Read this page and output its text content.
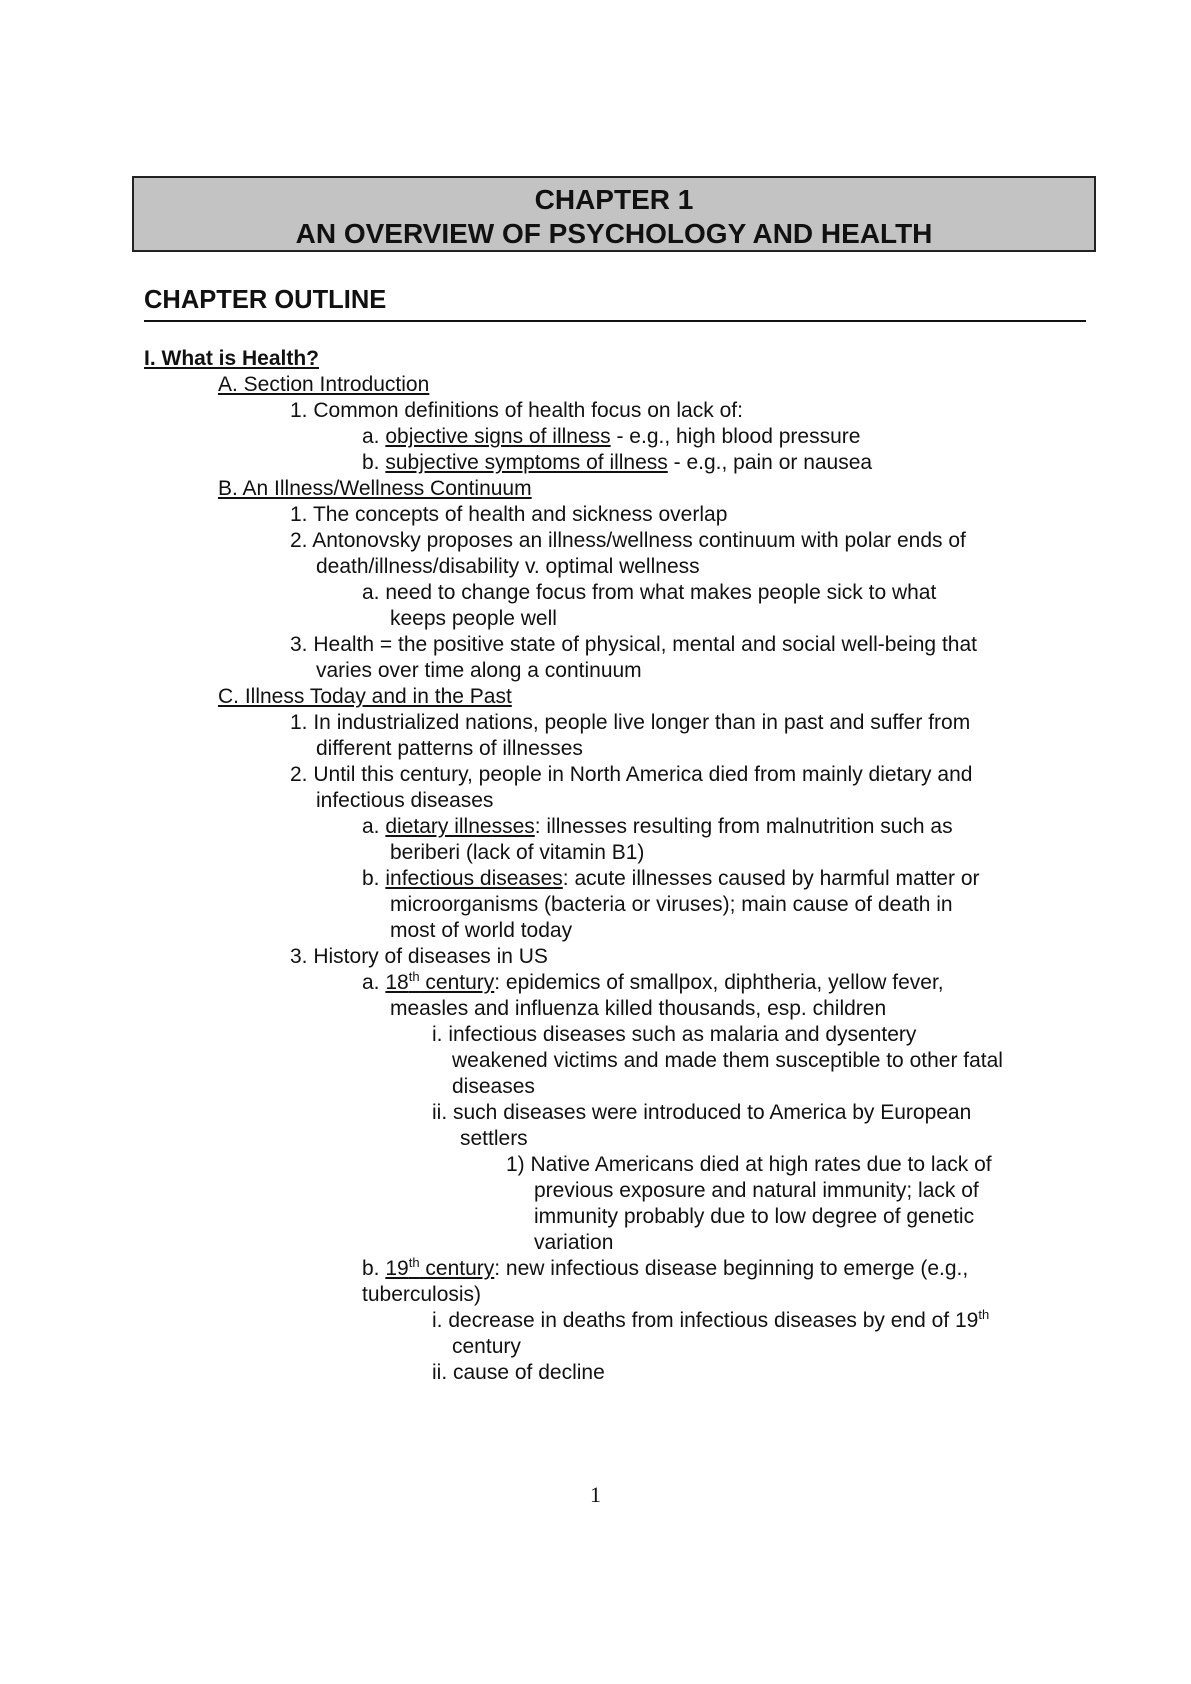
CHAPTER 1
AN OVERVIEW OF PSYCHOLOGY AND HEALTH
CHAPTER OUTLINE
I. What is Health?
A. Section Introduction
1. Common definitions of health focus on lack of:
a. objective signs of illness - e.g., high blood pressure
b. subjective symptoms of illness - e.g., pain or nausea
B. An Illness/Wellness Continuum
1. The concepts of health and sickness overlap
2. Antonovsky proposes an illness/wellness continuum with polar ends of
death/illness/disability v. optimal wellness
a. need to change focus from what makes people sick to what
keeps people well
3. Health = the positive state of physical, mental and social well-being that
varies over time along a continuum
C. Illness Today and in the Past
1. In industrialized nations, people live longer than in past and suffer from
different patterns of illnesses
2. Until this century, people in North America died from mainly dietary and
infectious diseases
a. dietary illnesses: illnesses resulting from malnutrition such as
beriberi (lack of vitamin B1)
b. infectious diseases: acute illnesses caused by harmful matter or
microorganisms (bacteria or viruses); main cause of death in
most of world today
3. History of diseases in US
a. 18th century: epidemics of smallpox, diphtheria, yellow fever,
measles and influenza killed thousands, esp. children
i. infectious diseases such as malaria and dysentery
weakened victims and made them susceptible to other fatal
diseases
ii. such diseases were introduced to America by European
settlers
1) Native Americans died at high rates due to lack of
previous exposure and natural immunity; lack of
immunity probably due to low degree of genetic
variation
b. 19th century: new infectious disease beginning to emerge (e.g.,
tuberculosis)
i. decrease in deaths from infectious diseases by end of 19th
century
ii. cause of decline
1
